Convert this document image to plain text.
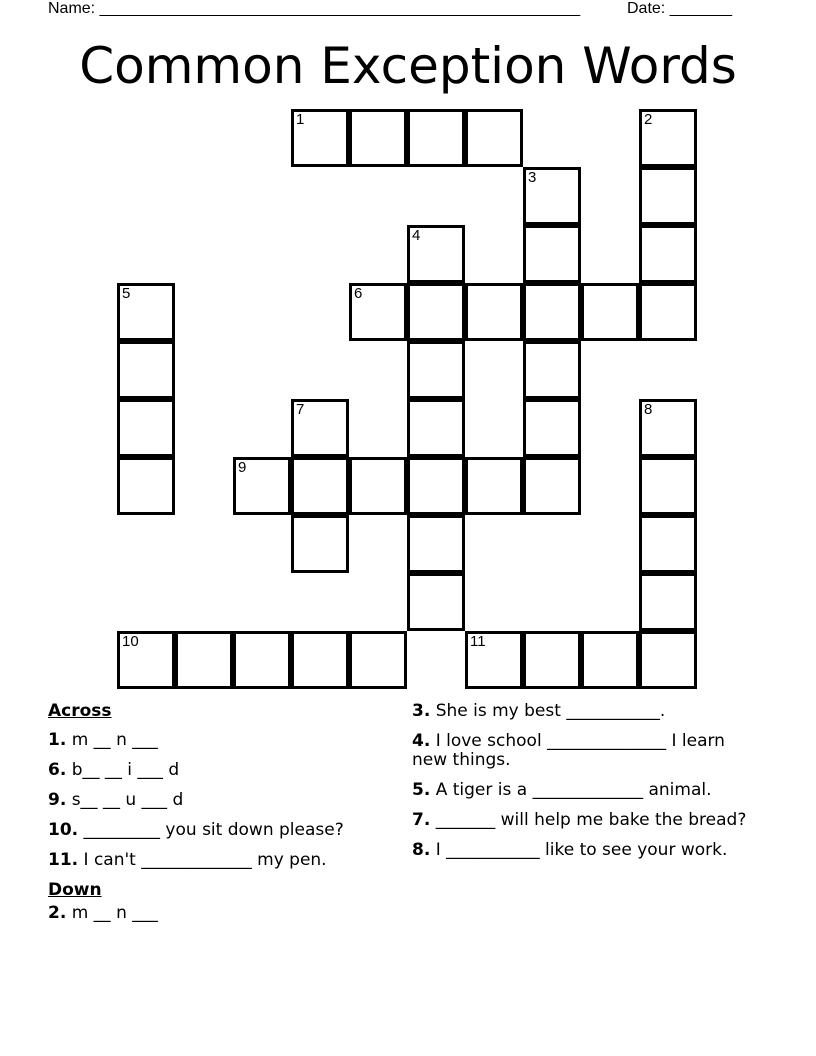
Name: ______________________________________________________	Date: _______
Common Exception Words
1	2
3
4
5	6
7	8
9
10	11
Across
1. m __ n ___
6. b__ __ i ___ d
9. s__ __ u ___ d
10. _________ you sit down please?
11. I can't _____________ my pen.
Down
2. m __ n ___
3. She is my best ___________.
4. I love school ______________ I learn new things.
5. A tiger is a _____________ animal.
7. _______ will help me bake the bread?
8. I ___________ like to see your work.
